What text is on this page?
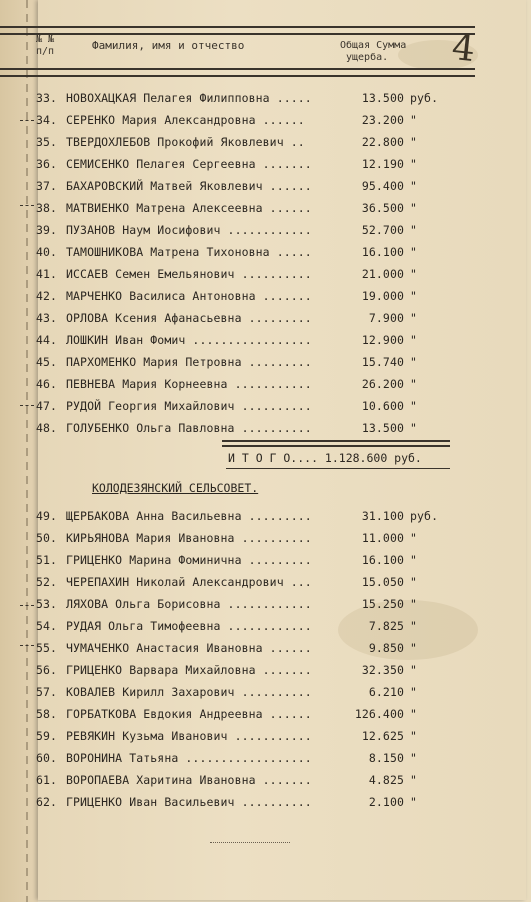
№ №
п/п	Фамилия, имя и отчество	Общая Сумма
ущерба.	4
33. НОВОХАЦКАЯ Пелагея Филипповна .....	13.500 руб.
34. СЕРЕНКО Мария Александровна ......	23.200 "
35. ТВЕРДОХЛЕБОВ Прокофий Яковлевич ..	22.800 "
36. СЕМИСЕНКО Пелагея Сергеевна .......	12.190 "
37. БАХАРОВСКИЙ Матвей Яковлевич ......	95.400 "
38. МАТВИЕНКО Матрена Алексеевна ......	36.500 "
39. ПУЗАНОВ Наум Иосифович ............	52.700 "
40. ТАМОШНИКОВА Матрена Тихоновна .....	16.100 "
41. ИССАЕВ Семен Емельянович ..........	21.000 "
42. МАРЧЕНКО Василиса Антоновна .......	19.000 "
43. ОРЛОВА Ксения Афанасьевна .........	7.900 "
44. ЛОШКИН Иван Фомич .................	12.900 "
45. ПАРХОМЕНКО Мария Петровна .........	15.740 "
46. ПЕВНЕВА Мария Корнеевна ...........	26.200 "
47. РУДОЙ Георгия Михайлович ..........	10.600 "
48. ГОЛУБЕНКО Ольга Павловна ..........	13.500 "
И Т О Г О.... 1.128.600 руб.
КОЛОДЕЗЯНСКИЙ СЕЛЬСОВЕТ.
49. ЩЕРБАКОВА Анна Васильевна .........	31.100 руб.
50. КИРЬЯНОВА Мария Ивановна ..........	11.000 "
51. ГРИЦЕНКО Марина Фоминична .........	16.100 "
52. ЧЕРЕПАХИН Николай Александрович ...	15.050 "
53. ЛЯХОВА Ольга Борисовна ............	15.250 "
54. РУДАЯ Ольга Тимофеевна ............	7.825 "
55. ЧУМАЧЕНКО Анастасия Ивановна ......	9.850 "
56. ГРИЦЕНКО Варвара Михайловна .......	32.350 "
57. КОВАЛЕВ Кирилл Захарович ..........	6.210 "
58. ГОРБАТКОВА Евдокия Андреевна ......	126.400 "
59. РЕВЯКИН Кузьма Иванович ...........	12.625 "
60. ВОРОНИНА Татьяна ..................	8.150 "
61. ВОРОПАЕВА Харитина Ивановна .......	4.825 "
62. ГРИЦЕНКО Иван Васильевич ..........	2.100 "
